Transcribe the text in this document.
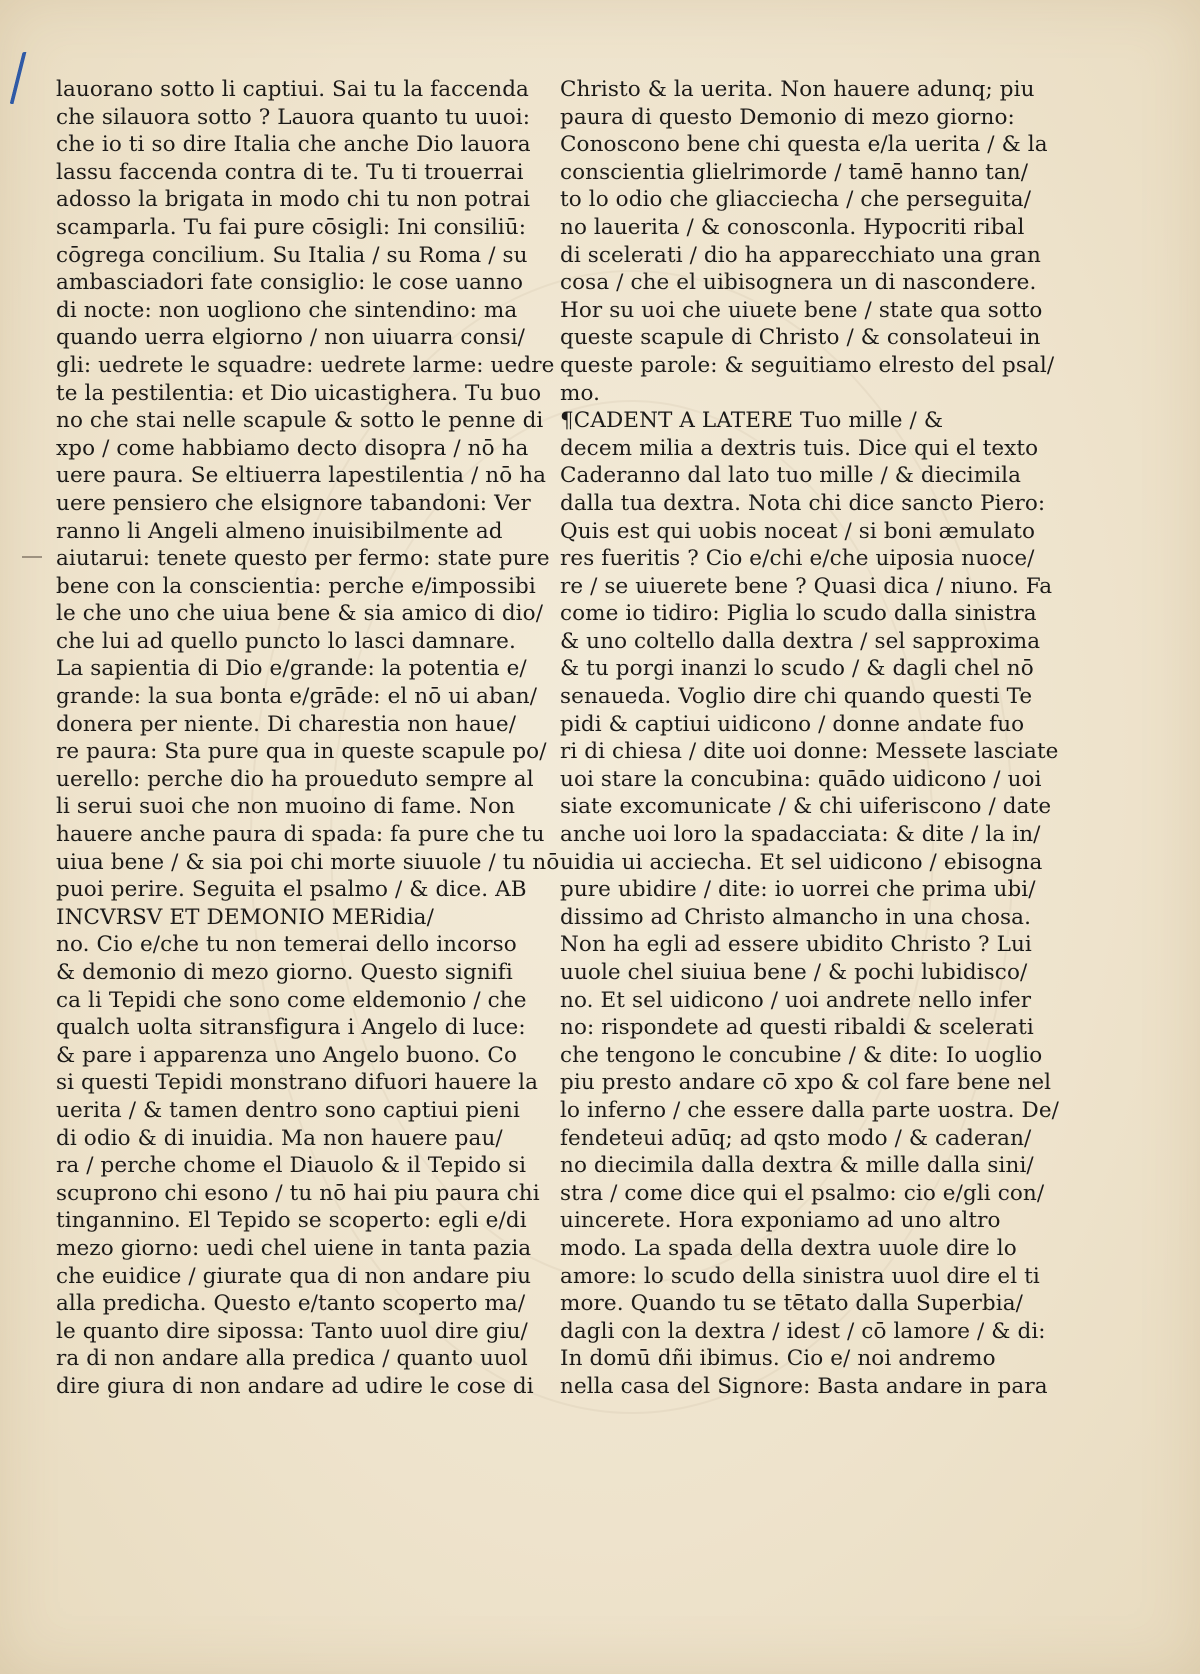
lauorano sotto li captiui. Sai tu la faccenda
che silauora sotto ? Lauora quanto tu uuoi:
che io ti so dire Italia che anche Dio lauora
lassu faccenda contra di te. Tu ti trouerrai
adosso la brigata in modo chi tu non potrai
scamparla. Tu fai pure cōsigli: Ini consiliū:
cōgrega concilium. Su Italia / su Roma / su
ambasciadori fate consiglio: le cose uanno
di nocte: non uogliono che sintendino: ma
quando uerra elgiorno / non uiuarra consi/
gli: uedrete le squadre: uedrete larme: uedre
te la pestilentia: et Dio uicastighera. Tu buo
no che stai nelle scapule & sotto le penne di
xpo / come habbiamo decto disopra / nō ha
uere paura. Se eltiuerra lapestilentia / nō ha
uere pensiero che elsignore tabandoni: Ver
ranno li Angeli almeno inuisibilmente ad
aiutarui: tenete questo per fermo: state pure
bene con la conscientia: perche e/impossibi
le che uno che uiua bene & sia amico di dio/
che lui ad quello puncto lo lasci damnare.
La sapientia di Dio e/grande: la potentia e/
grande: la sua bonta e/grāde: el nō ui aban/
donera per niente. Di charestia non haue/
re paura: Sta pure qua in queste scapule po/
uerello: perche dio ha proueduto sempre al
li serui suoi che non muoino di fame. Non
hauere anche paura di spada: fa pure che tu
uiua bene / & sia poi chi morte siuuole / tu nō
puoi perire. Seguita el psalmo / & dice. AB
INCVRSV ET DEMONIO MERidia/
no. Cio e/che tu non temerai dello incorso
& demonio di mezo giorno. Questo signifi
ca li Tepidi che sono come eldemonio / che
qualch uolta sitransfigura i Angelo di luce:
& pare i apparenza uno Angelo buono. Co
si questi Tepidi monstrano difuori hauere la
uerita / & tamen dentro sono captiui pieni
di odio & di inuidia. Ma non hauere pau/
ra / perche chome el Diauolo & il Tepido si
scuprono chi esono / tu nō hai piu paura chi
tingannino. El Tepido se scoperto: egli e/di
mezo giorno: uedi chel uiene in tanta pazia
che euidice / giurate qua di non andare piu
alla predicha. Questo e/tanto scoperto ma/
le quanto dire sipossa: Tanto uuol dire giu/
ra di non andare alla predica / quanto uuol
dire giura di non andare ad udire le cose di
Christo & la uerita. Non hauere adunq; piu
paura di questo Demonio di mezo giorno:
Conoscono bene chi questa e/la uerita / & la
conscientia glielrimorde / tamē hanno tan/
to lo odio che gliacciecha / che perseguita/
no lauerita / & conosconla. Hypocriti ribal
di scelerati / dio ha apparecchiato una gran
cosa / che el uibisognera un di nascondere.
Hor su uoi che uiuete bene / state qua sotto
queste scapule di Christo / & consolateui in
queste parole: & seguitiamo elresto del psal/
mo.
¶CADENT A LATERE Tuo mille / &
decem milia a dextris tuis. Dice qui el texto
Caderanno dal lato tuo mille / & diecimila
dalla tua dextra. Nota chi dice sancto Piero:
Quis est qui uobis noceat / si boni æmulato
res fueritis ? Cio e/chi e/che uiposia nuoce/
re / se uiuerete bene ? Quasi dica / niuno. Fa
come io tidiro: Piglia lo scudo dalla sinistra
& uno coltello dalla dextra / sel sapproxima
& tu porgi inanzi lo scudo / & dagli chel nō
senaueda. Voglio dire chi quando questi Te
pidi & captiui uidicono / donne andate fuo
ri di chiesa / dite uoi donne: Messete lasciate
uoi stare la concubina: quādo uidicono / uoi
siate excomunicate / & chi uiferiscono / date
anche uoi loro la spadacciata: & dite / la in/
uidia ui acciecha. Et sel uidicono / ebisogna
pure ubidire / dite: io uorrei che prima ubi/
dissimo ad Christo almancho in una chosa.
Non ha egli ad essere ubidito Christo ? Lui
uuole chel siuiua bene / & pochi lubidisco/
no. Et sel uidicono / uoi andrete nello infer
no: rispondete ad questi ribaldi & scelerati
che tengono le concubine / & dite: Io uoglio
piu presto andare cō xpo & col fare bene nel
lo inferno / che essere dalla parte uostra. De/
fendeteui adūq; ad qsto modo / & caderan/
no diecimila dalla dextra & mille dalla sini/
stra / come dice qui el psalmo: cio e/gli con/
uincerete. Hora exponiamo ad uno altro
modo. La spada della dextra uuole dire lo
amore: lo scudo della sinistra uuol dire el ti
more. Quando tu se tētato dalla Superbia/
dagli con la dextra / idest / cō lamore / & di:
In domū dñi ibimus. Cio e/ noi andremo
nella casa del Signore: Basta andare in para
